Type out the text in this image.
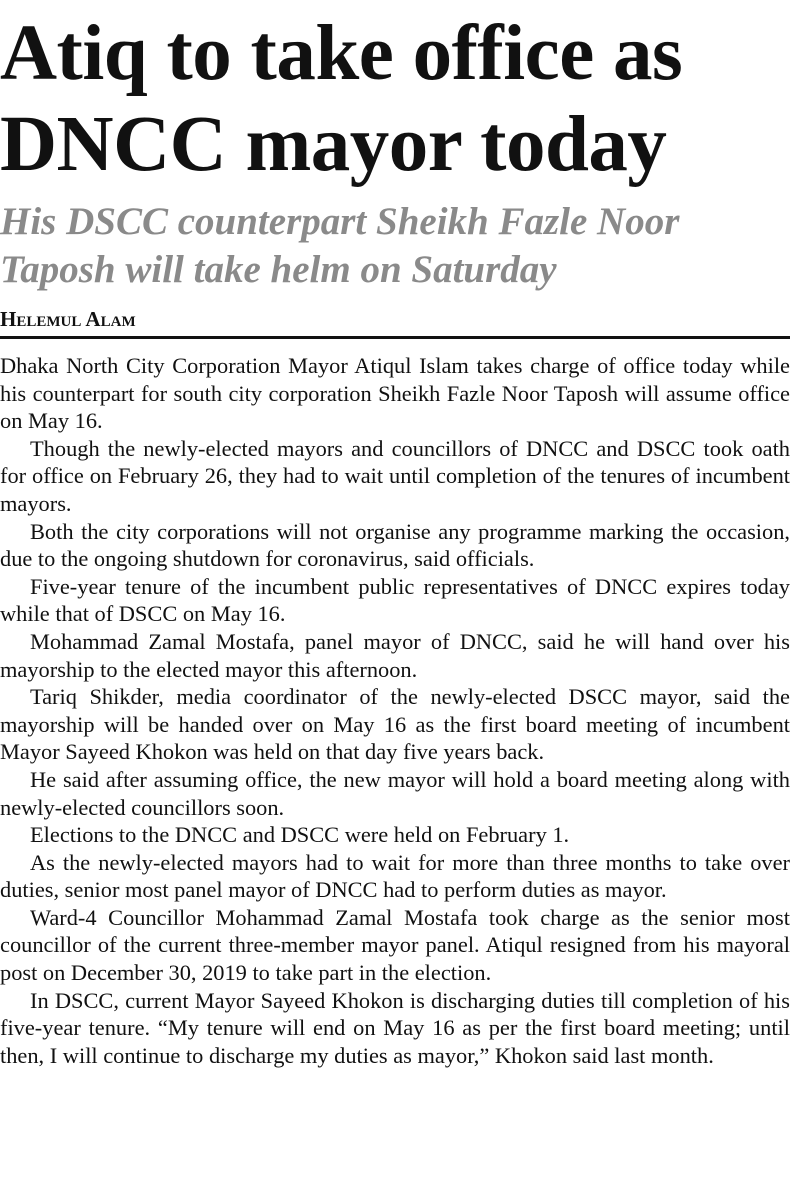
Atiq to take office as DNCC mayor today
His DSCC counterpart Sheikh Fazle Noor Taposh will take helm on Saturday
Helemul Alam

Dhaka North City Corporation Mayor Atiqul Islam takes charge of office today while his counterpart for south city corporation Sheikh Fazle Noor Taposh will assume office on May 16.

Though the newly-elected mayors and councillors of DNCC and DSCC took oath for office on February 26, they had to wait until completion of the tenures of incumbent mayors.

Both the city corporations will not organise any programme marking the occasion, due to the ongoing shutdown for coronavirus, said officials.

Five-year tenure of the incumbent public representatives of DNCC expires today while that of DSCC on May 16.

Mohammad Zamal Mostafa, panel mayor of DNCC, said he will hand over his mayorship to the elected mayor this afternoon.

Tariq Shikder, media coordinator of the newly-elected DSCC mayor, said the mayorship will be handed over on May 16 as the first board meeting of incumbent Mayor Sayeed Khokon was held on that day five years back.

He said after assuming office, the new mayor will hold a board meeting along with newly-elected councillors soon.

Elections to the DNCC and DSCC were held on February 1.

As the newly-elected mayors had to wait for more than three months to take over duties, senior most panel mayor of DNCC had to perform duties as mayor.

Ward-4 Councillor Mohammad Zamal Mostafa took charge as the senior most councillor of the current three-member mayor panel. Atiqul resigned from his mayoral post on December 30, 2019 to take part in the election.

In DSCC, current Mayor Sayeed Khokon is discharging duties till completion of his five-year tenure. “My tenure will end on May 16 as per the first board meeting; until then, I will continue to discharge my duties as mayor,” Khokon said last month.
